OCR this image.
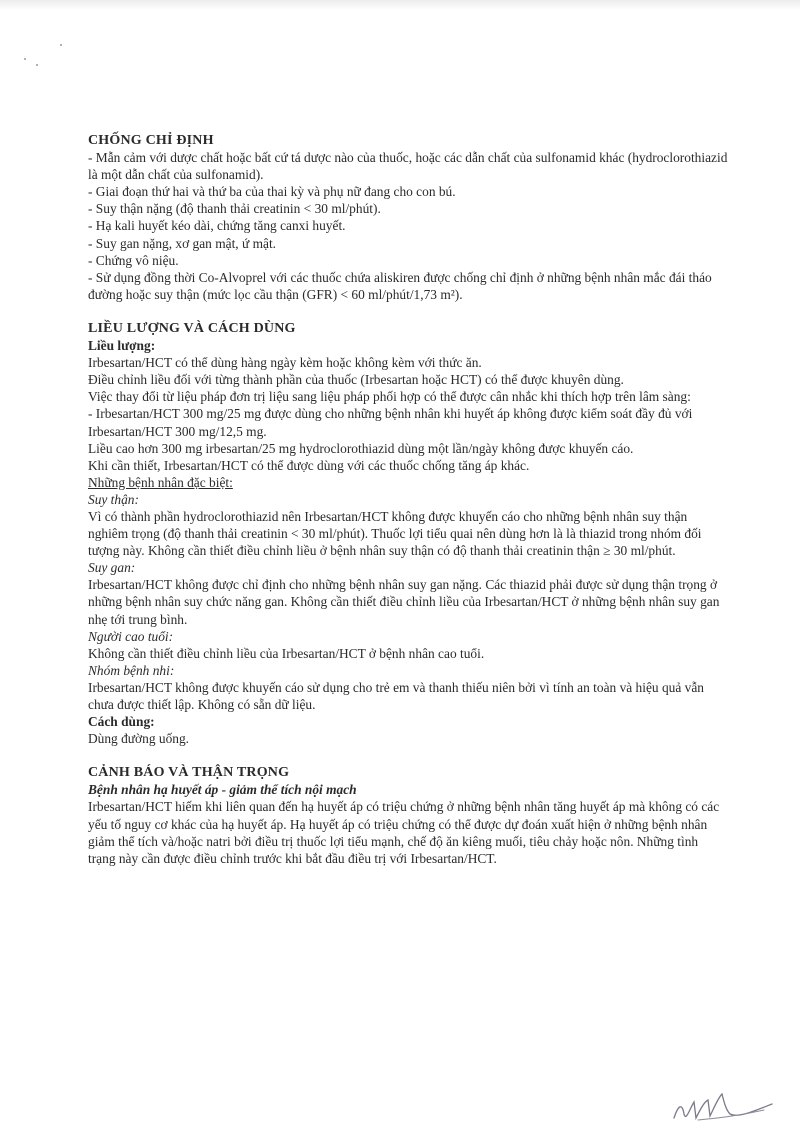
CHỐNG CHỈ ĐỊNH

- Mẫn cảm với dược chất hoặc bất cứ tá dược nào của thuốc, hoặc các dẫn chất của sulfonamid khác (hydroclorothiazid là một dẫn chất của sulfonamid).

- Giai đoạn thứ hai và thứ ba của thai kỳ và phụ nữ đang cho con bú.

- Suy thận nặng (độ thanh thải creatinin < 30 ml/phút).

- Hạ kali huyết kéo dài, chứng tăng canxi huyết.

- Suy gan nặng, xơ gan mật, ứ mật.

- Chứng vô niệu.

- Sử dụng đồng thời Co-Alvoprel với các thuốc chứa aliskiren được chống chỉ định ở những bệnh nhân mắc đái tháo đường hoặc suy thận (mức lọc cầu thận (GFR) < 60 ml/phút/1,73 m²).

LIỀU LƯỢNG VÀ CÁCH DÙNG

Liều lượng:

Irbesartan/HCT có thể dùng hàng ngày kèm hoặc không kèm với thức ăn.

Điều chỉnh liều đối với từng thành phần của thuốc (Irbesartan hoặc HCT) có thể được khuyên dùng.

Việc thay đổi từ liệu pháp đơn trị liệu sang liệu pháp phối hợp có thể được cân nhắc khi thích hợp trên lâm sàng:

- Irbesartan/HCT 300 mg/25 mg được dùng cho những bệnh nhân khi huyết áp không được kiểm soát đầy đủ với Irbesartan/HCT 300 mg/12,5 mg.

Liều cao hơn 300 mg irbesartan/25 mg hydroclorothiazid dùng một lần/ngày không được khuyến cáo.

Khi cần thiết, Irbesartan/HCT có thể được dùng với các thuốc chống tăng áp khác.

Những bệnh nhân đặc biệt:

Suy thận:

Vì có thành phần hydroclorothiazid nên Irbesartan/HCT không được khuyến cáo cho những bệnh nhân suy thận nghiêm trọng (độ thanh thải creatinin < 30 ml/phút). Thuốc lợi tiểu quai nên dùng hơn là là thiazid trong nhóm đối tượng này. Không cần thiết điều chỉnh liều ở bệnh nhân suy thận có độ thanh thải creatinin thận ≥ 30 ml/phút.

Suy gan:

Irbesartan/HCT không được chỉ định cho những bệnh nhân suy gan nặng. Các thiazid phải được sử dụng thận trọng ở những bệnh nhân suy chức năng gan. Không cần thiết điều chỉnh liều của Irbesartan/HCT ở những bệnh nhân suy gan nhẹ tới trung bình.

Người cao tuổi:

Không cần thiết điều chỉnh liều của Irbesartan/HCT ở bệnh nhân cao tuổi.

Nhóm bệnh nhi:

Irbesartan/HCT không được khuyến cáo sử dụng cho trẻ em và thanh thiếu niên bởi vì tính an toàn và hiệu quả vẫn chưa được thiết lập. Không có sẵn dữ liệu.

Cách dùng:

Dùng đường uống.

CẢNH BÁO VÀ THẬN TRỌNG

Bệnh nhân hạ huyết áp - giảm thể tích nội mạch

Irbesartan/HCT hiếm khi liên quan đến hạ huyết áp có triệu chứng ở những bệnh nhân tăng huyết áp mà không có các yếu tố nguy cơ khác của hạ huyết áp. Hạ huyết áp có triệu chứng có thể được dự đoán xuất hiện ở những bệnh nhân giảm thể tích và/hoặc natri bởi điều trị thuốc lợi tiểu mạnh, chế độ ăn kiêng muối, tiêu chảy hoặc nôn. Những tình trạng này cần được điều chỉnh trước khi bắt đầu điều trị với Irbesartan/HCT.
